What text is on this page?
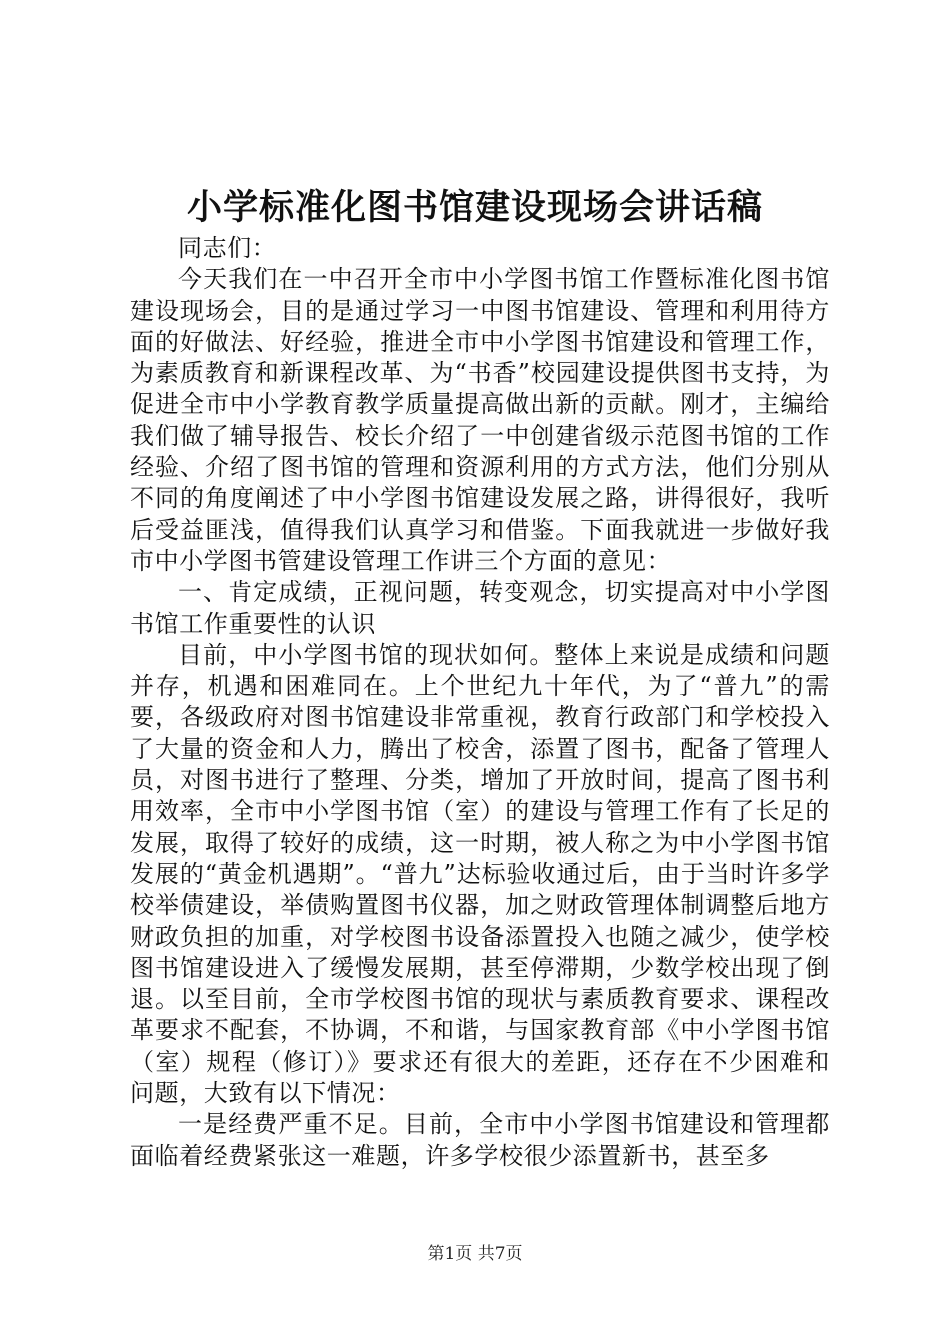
小学标准化图书馆建设现场会讲话稿

同志们：

今天我们在一中召开全市中小学图书馆工作暨标准化图书馆建设现场会，目的是通过学习一中图书馆建设、管理和利用待方面的好做法、好经验，推进全市中小学图书馆建设和管理工作，为素质教育和新课程改革、为“书香”校园建设提供图书支持，为促进全市中小学教育教学质量提高做出新的贡献。刚才，主编给我们做了辅导报告、校长介绍了一中创建省级示范图书馆的工作经验、介绍了图书馆的管理和资源利用的方式方法，他们分别从不同的角度阐述了中小学图书馆建设发展之路，讲得很好，我听后受益匪浅，值得我们认真学习和借鉴。下面我就进一步做好我市中小学图书管建设管理工作讲三个方面的意见：

一、肯定成绩，正视问题，转变观念，切实提高对中小学图书馆工作重要性的认识

目前，中小学图书馆的现状如何。整体上来说是成绩和问题并存，机遇和困难同在。上个世纪九十年代，为了“普九”的需要，各级政府对图书馆建设非常重视，教育行政部门和学校投入了大量的资金和人力，腾出了校舍，添置了图书，配备了管理人员，对图书进行了整理、分类，增加了开放时间，提高了图书利用效率，全市中小学图书馆（室）的建设与管理工作有了长足的发展，取得了较好的成绩，这一时期，被人称之为中小学图书馆发展的“黄金机遇期”。“普九”达标验收通过后，由于当时许多学校举债建设，举债购置图书仪器，加之财政管理体制调整后地方财政负担的加重，对学校图书设备添置投入也随之减少，使学校图书馆建设进入了缓慢发展期，甚至停滞期，少数学校出现了倒退。以至目前，全市学校图书馆的现状与素质教育要求、课程改革要求不配套，不协调，不和谐，与国家教育部《中小学图书馆（室）规程（修订）》要求还有很大的差距，还存在不少困难和问题，大致有以下情况：

一是经费严重不足。目前，全市中小学图书馆建设和管理都面临着经费紧张这一难题，许多学校很少添置新书，甚至多

第1页 共7页
